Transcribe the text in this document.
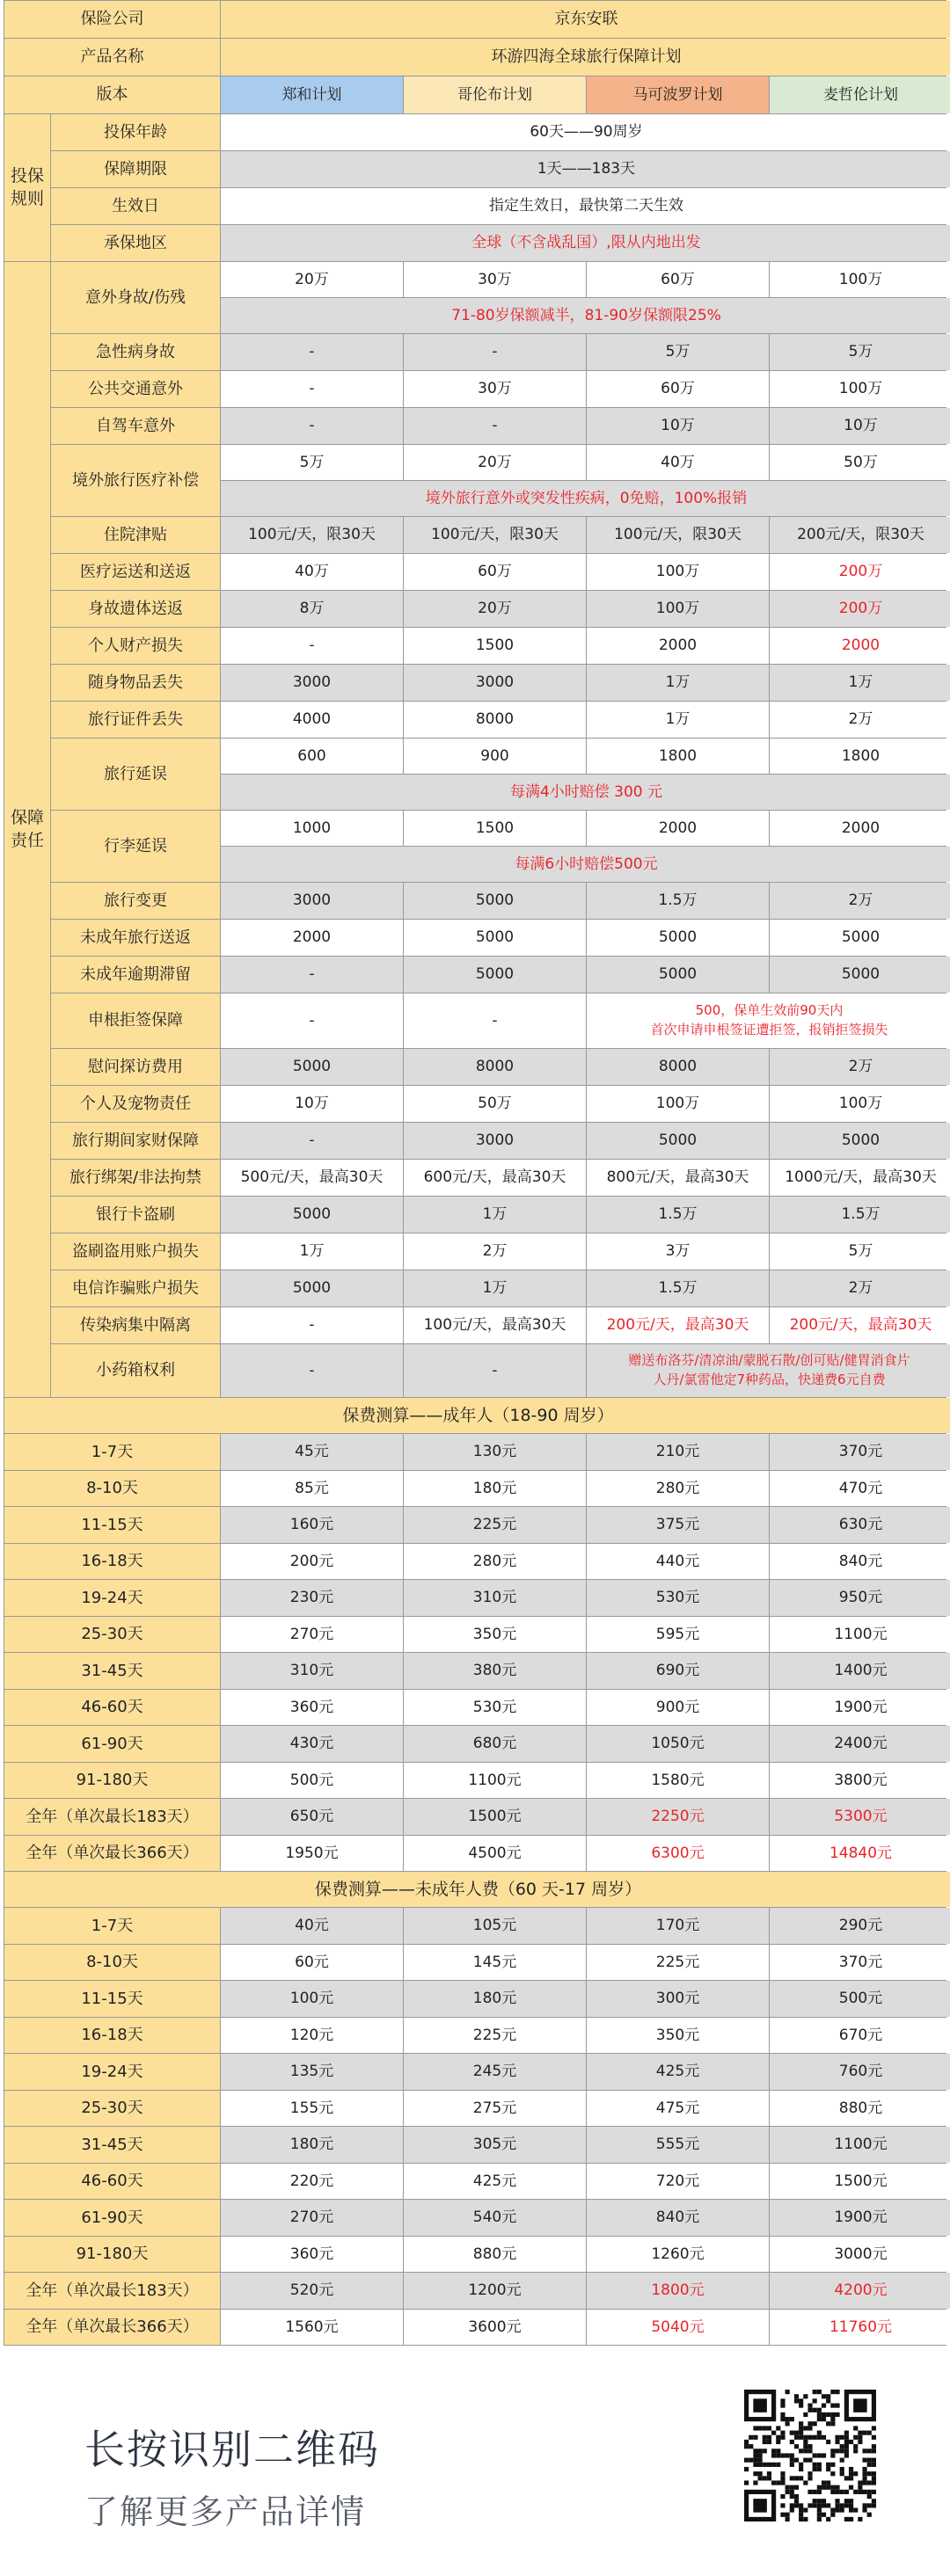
保险公司	京东安联
产品名称	环游四海全球旅行保障计划
版本	郑和计划	哥伦布计划	马可波罗计划	麦哲伦计划
投保年龄	60天——90周岁
保障期限	1天——183天
生效日	指定生效日，最快第二天生效
承保地区	全球（不含战乱国）,限从内地出发
投保
规则
意外身故/伤残
20万	30万	60万	100万
71-80岁保额减半，81-90岁保额限25%
急性病身故	-	-	5万	5万
公共交通意外	-	30万	60万	100万
自驾车意外	-	-	10万	10万
境外旅行医疗补偿
5万	20万	40万	50万
境外旅行意外或突发性疾病，0免赔，100%报销
住院津贴	100元/天，限30天	100元/天，限30天	100元/天，限30天	200元/天，限30天
医疗运送和送返	40万	60万	100万	200万
身故遗体送返	8万	20万	100万	200万
个人财产损失	-	1500	2000	2000
随身物品丢失	3000	3000	1万	1万
旅行证件丢失	4000	8000	1万	2万
旅行延误
600	900	1800	1800
每满4小时赔偿 300 元
行李延误
1000	1500	2000	2000
每满6小时赔偿500元
旅行变更	3000	5000	1.5万	2万
未成年旅行送返	2000	5000	5000	5000
未成年逾期滞留	-	5000	5000	5000
申根拒签保障	-	-
500，保单生效前90天内
首次申请申根签证遭拒签，报销拒签损失
慰问探访费用	5000	8000	8000	2万
个人及宠物责任	10万	50万	100万	100万
旅行期间家财保障	-	3000	5000	5000
旅行绑架/非法拘禁	500元/天，最高30天	600元/天，最高30天	800元/天，最高30天	1000元/天，最高30天
银行卡盗刷	5000	1万	1.5万	1.5万
盗刷盗用账户损失	1万	2万	3万	5万
电信诈骗账户损失	5000	1万	1.5万	2万
传染病集中隔离	-	100元/天，最高30天	200元/天，最高30天	200元/天，最高30天
小药箱权利	-	-
赠送布洛芬/清凉油/蒙脱石散/创可贴/健胃消食片
人丹/氯雷他定7种药品，快递费6元自费
保障
责任
保费测算——成年人（18-90 周岁）
1-7天	45元	130元	210元	370元
8-10天	85元	180元	280元	470元
11-15天	160元	225元	375元	630元
16-18天	200元	280元	440元	840元
19-24天	230元	310元	530元	950元
25-30天	270元	350元	595元	1100元
31-45天	310元	380元	690元	1400元
46-60天	360元	530元	900元	1900元
61-90天	430元	680元	1050元	2400元
91-180天	500元	1100元	1580元	3800元
全年（单次最长183天）	650元	1500元	2250元	5300元
全年（单次最长366天）	1950元	4500元	6300元	14840元
保费测算——未成年人费（60 天-17 周岁）
1-7天	40元	105元	170元	290元
8-10天	60元	145元	225元	370元
11-15天	100元	180元	300元	500元
16-18天	120元	225元	350元	670元
19-24天	135元	245元	425元	760元
25-30天	155元	275元	475元	880元
31-45天	180元	305元	555元	1100元
46-60天	220元	425元	720元	1500元
61-90天	270元	540元	840元	1900元
91-180天	360元	880元	1260元	3000元
全年（单次最长183天）	520元	1200元	1800元	4200元
全年（单次最长366天）	1560元	3600元	5040元	11760元
长按识别二维码
了解更多产品详情
